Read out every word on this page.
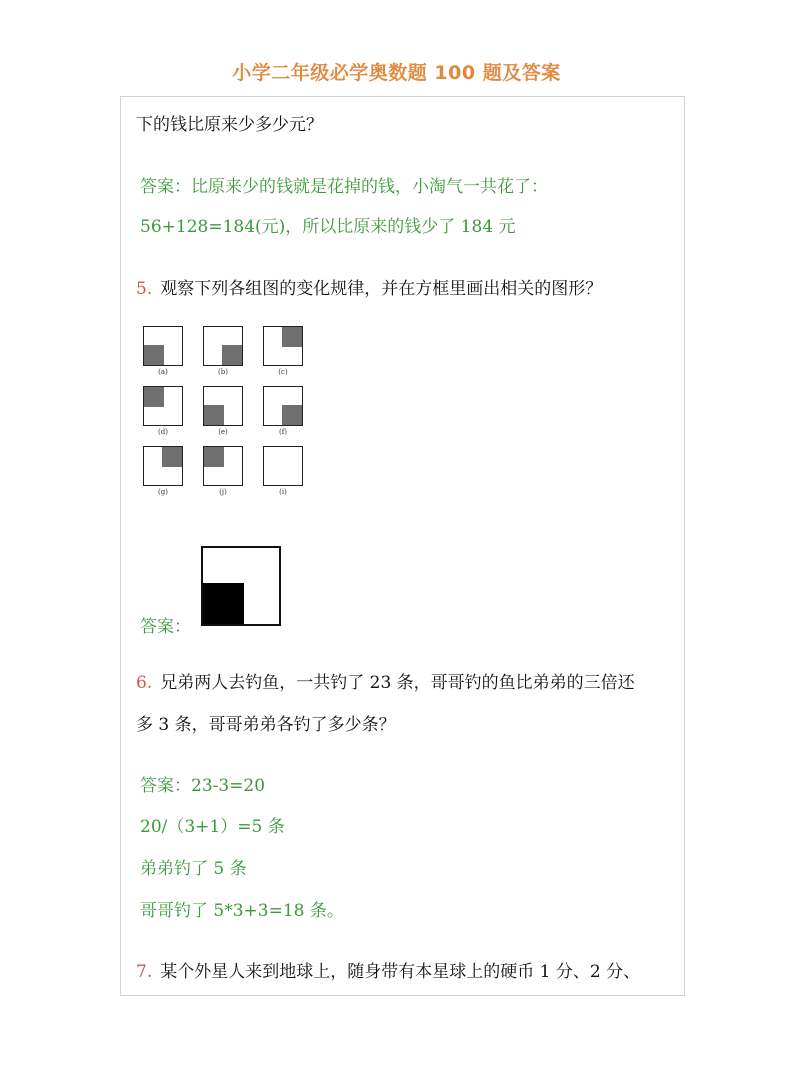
小学二年级必学奥数题 100 题及答案
下的钱比原来少多少元？
答案：比原来少的钱就是花掉的钱，小淘气一共花了：
56+128=184(元)，所以比原来的钱少了 184 元
5. 观察下列各组图的变化规律，并在方框里画出相关的图形？
(a)	(b)	(c)
(d)	(e)	(f)
(g)	(j)	(i)
答案：
6. 兄弟两人去钓鱼，一共钓了 23 条，哥哥钓的鱼比弟弟的三倍还
多 3 条，哥哥弟弟各钓了多少条？
答案：23-3=20
20/（3+1）=5 条
弟弟钓了 5 条
哥哥钓了 5*3+3=18 条。
7. 某个外星人来到地球上，随身带有本星球上的硬币 1 分、2 分、
